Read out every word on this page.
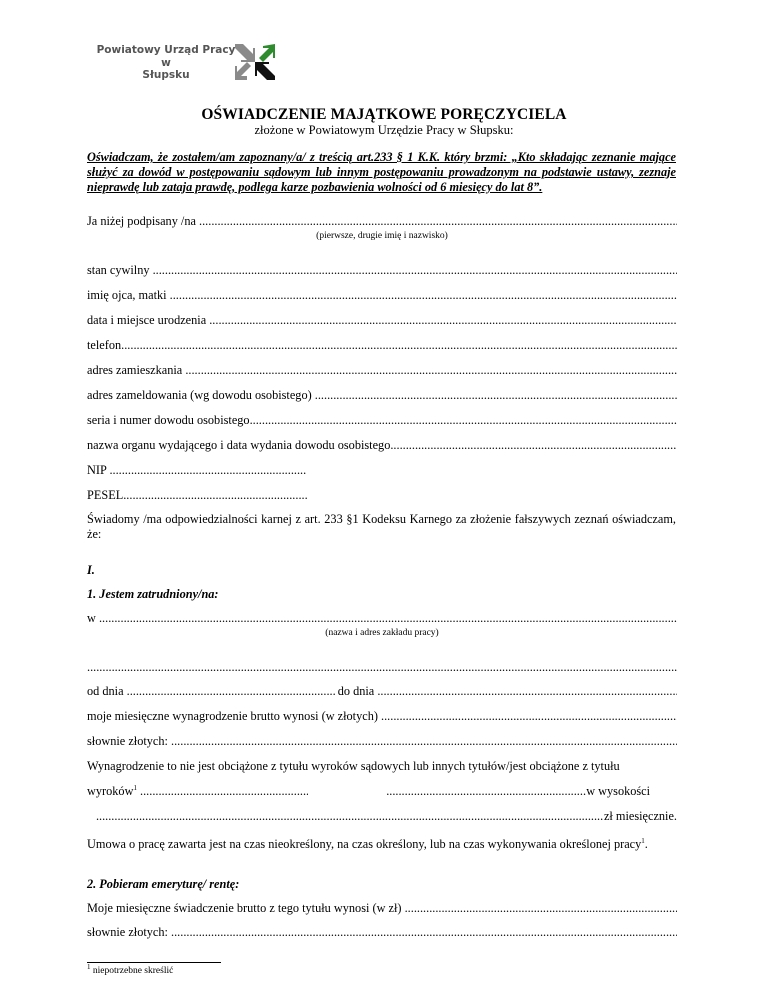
Powiatowy Urząd Pracy
w
Słupsku
OŚWIADCZENIE MAJĄTKOWE PORĘCZYCIELA
złożone w Powiatowym Urzędzie Pracy w Słupsku:
Oświadczam, że zostałem/am zapoznany/a/ z treścią art.233 § 1 K.K. który brzmi: „Kto składając zeznanie mające służyć za dowód w postępowaniu sądowym lub innym postępowaniu prowadzonym na podstawie ustawy, zeznaje nieprawdę lub zataja prawdę, podlega karze pozbawienia wolności od 6 miesięcy do lat 8”.
Ja niżej podpisany /na .....
(pierwsze, drugie imię i nazwisko)
stan cywilny .....
imię ojca, matki .....
data i miejsce urodzenia .....
telefon .....
adres zamieszkania .....
adres zameldowania (wg dowodu osobistego) .....
seria i numer dowodu osobistego .....
nazwa organu wydającego i data wydania dowodu osobistego .....
NIP .....
PESEL .....
Świadomy /ma odpowiedzialności karnej z art. 233 §1 Kodeksu Karnego za złożenie fałszywych zeznań oświadczam, że:
I.
1. Jestem zatrudniony/na:
w .....
(nazwa i adres zakładu pracy)
.....
od dnia .....	do dnia .....
moje miesięczne wynagrodzenie brutto wynosi (w złotych) .....
słownie złotych: .....
Wynagrodzenie to nie jest obciążone z tytułu wyroków sądowych lub innych tytułów/jest obciążone z tytułu
wyroków$^1$ ..... .....	w wysokości
.....zł miesięcznie.
Umowa o pracę zawarta jest na czas nieokreślony, na czas określony, lub na czas wykonywania określonej pracy$^1$.
2. Pobieram emeryturę/ rentę:
Moje miesięczne świadczenie brutto z tego tytułu wynosi (w zł) .....
słownie złotych: .....
$^1$ niepotrzebne skreślić
